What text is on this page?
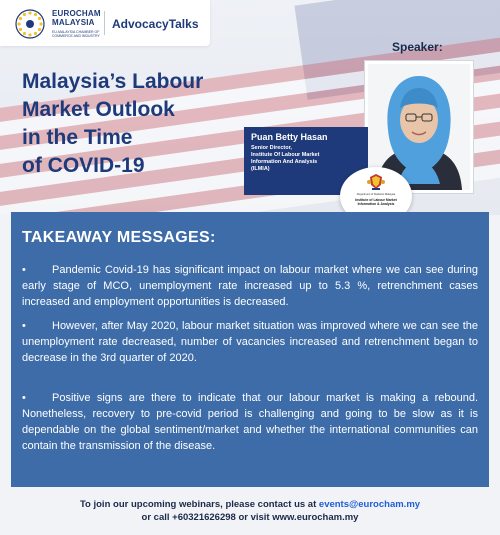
EUROCHAM
MALAYSIA
EU-MALAYSIA CHAMBER OF COMMERCE AND INDUSTRY
AdvocacyTalks
Malaysia’s Labour
Market Outlook
in the Time
of COVID-19
Speaker:
Puan Betty Hasan
Senior Director,
Institute Of Labour Market
Information And Analysis
(ILMIA)
Department of Statistics Malaysia
Institute of Labour Market
Information & Analysis
TAKEAWAY MESSAGES:
• Pandemic Covid-19 has significant impact on labour market where we can see during early stage of MCO, unemployment rate increased up to 5.3 %, retrenchment cases increased and employment opportunities is decreased.
• However, after May 2020, labour market situation was improved where we can see the unemployment rate decreased, number of vacancies increased and retrenchment began to decrease in the 3rd quarter of 2020.
• Positive signs are there to indicate that our labour market is making a rebound. Nonetheless, recovery to pre-covid period is challenging and going to be slow as it is dependable on the global sentiment/market and whether the international communities can contain the transmission of the disease.
To join our upcoming webinars, please contact us at events@eurocham.my
or call +60321626298 or visit www.eurocham.my
